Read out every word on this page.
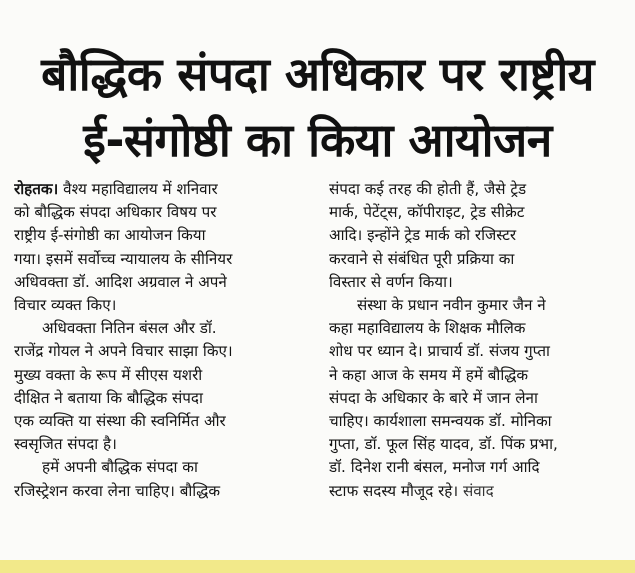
बौद्धिक संपदा अधिकार पर राष्ट्रीय
ई-संगोष्ठी का किया आयोजन
रोहतक। वैश्य महाविद्यालय में शनिवार
को बौद्धिक संपदा अधिकार विषय पर
राष्ट्रीय ई-संगोष्ठी का आयोजन किया
गया। इसमें सर्वोच्च न्यायालय के सीनियर
अधिवक्ता डॉ. आदिश अग्रवाल ने अपने
विचार व्यक्त किए।
अधिवक्ता नितिन बंसल और डॉ.
राजेंद्र गोयल ने अपने विचार साझा किए।
मुख्य वक्ता के रूप में सीएस यशरी
दीक्षित ने बताया कि बौद्धिक संपदा
एक व्यक्ति या संस्था की स्वनिर्मित और
स्वसृजित संपदा है।
हमें अपनी बौद्धिक संपदा का
रजिस्ट्रेशन करवा लेना चाहिए। बौद्धिक
संपदा कई तरह की होती हैं, जैसे ट्रेड
मार्क, पेटेंट्स, कॉपीराइट, ट्रेड सीक्रेट
आदि। इन्होंने ट्रेड मार्क को रजिस्टर
करवाने से संबंधित पूरी प्रक्रिया का
विस्तार से वर्णन किया।
संस्था के प्रधान नवीन कुमार जैन ने
कहा महाविद्यालय के शिक्षक मौलिक
शोध पर ध्यान दे। प्राचार्य डॉ. संजय गुप्ता
ने कहा आज के समय में हमें बौद्धिक
संपदा के अधिकार के बारे में जान लेना
चाहिए। कार्यशाला समन्वयक डॉ. मोनिका
गुप्ता, डॉ. फूल सिंह यादव, डॉ. पिंक प्रभा,
डॉ. दिनेश रानी बंसल, मनोज गर्ग आदि
स्टाफ सदस्य मौजूद रहे। संवाद
